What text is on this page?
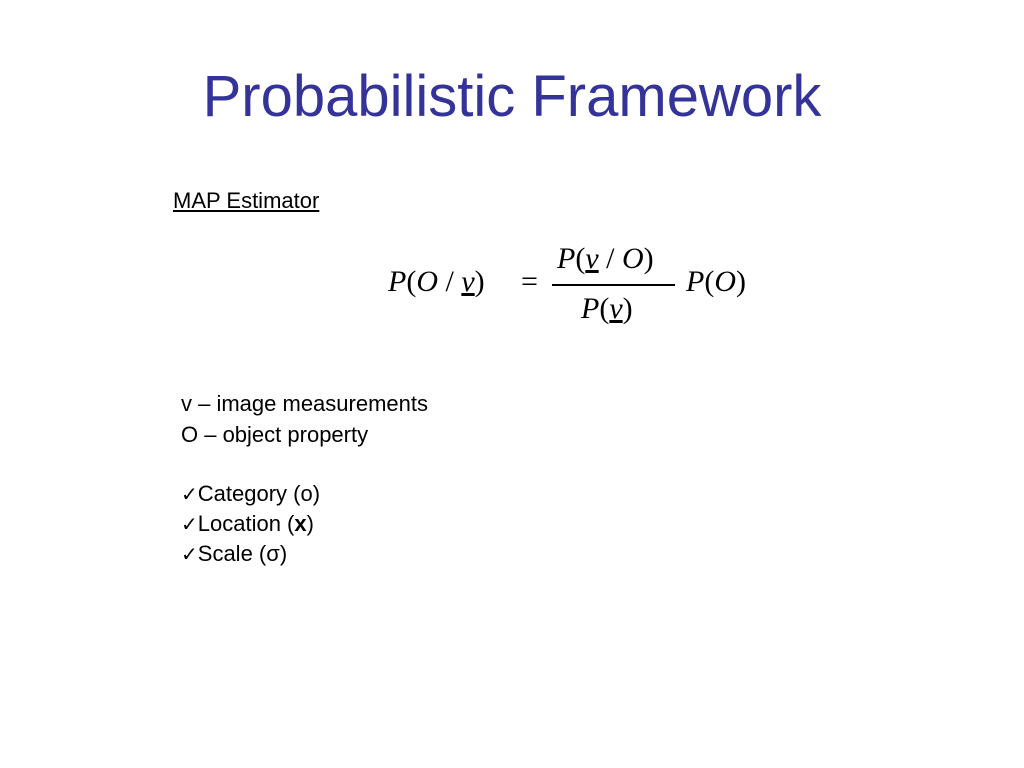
Probabilistic Framework
MAP Estimator
P(O / v) =
P(v / O)
P(v)
P(O)
v – image measurements
O – object property
✓Category (o)
✓Location (x)
✓Scale (σ)
